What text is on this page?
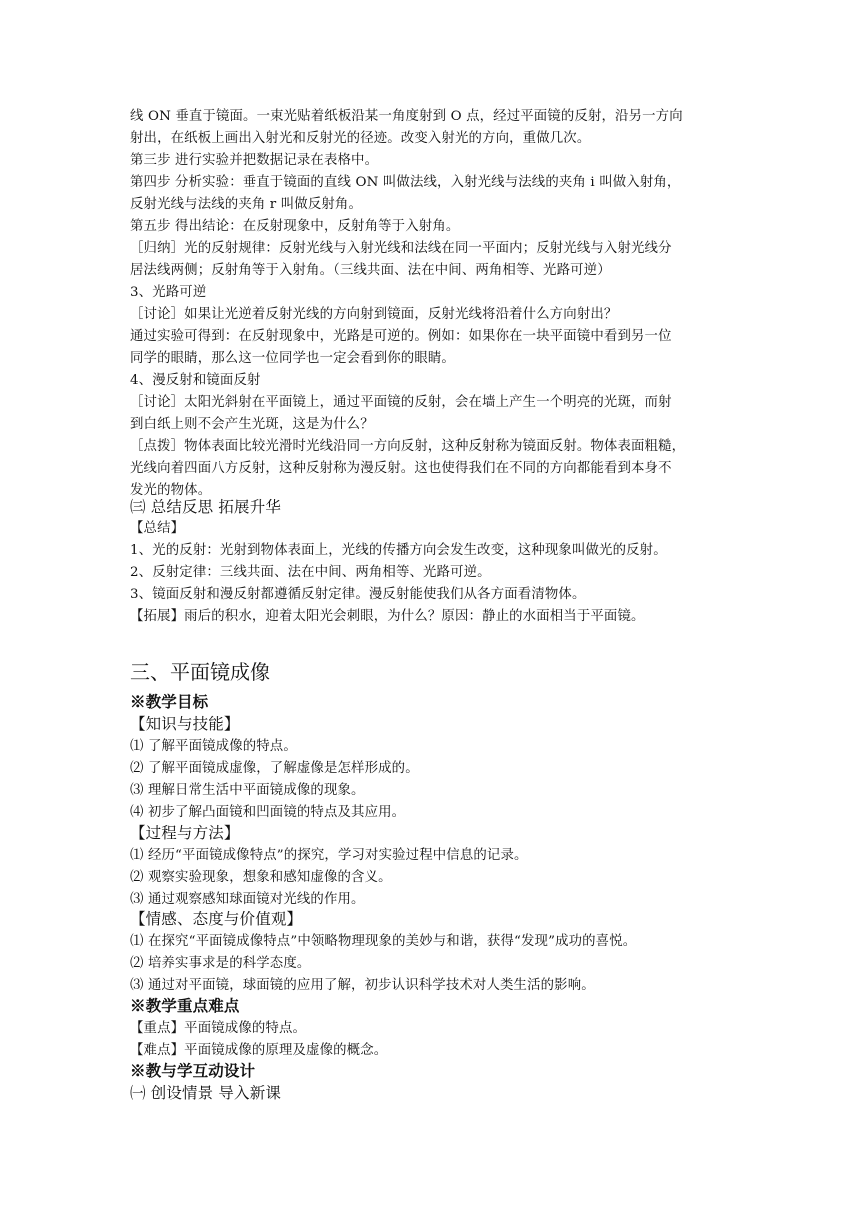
线 ON 垂直于镜面。一束光贴着纸板沿某一角度射到 O 点，经过平面镜的反射，沿另一方向
射出，在纸板上画出入射光和反射光的径迹。改变入射光的方向，重做几次。
第三步 进行实验并把数据记录在表格中。
第四步 分析实验：垂直于镜面的直线 ON 叫做法线，入射光线与法线的夹角 i 叫做入射角，
反射光线与法线的夹角 r 叫做反射角。
第五步 得出结论：在反射现象中，反射角等于入射角。
［归纳］光的反射规律：反射光线与入射光线和法线在同一平面内；反射光线与入射光线分
居法线两侧；反射角等于入射角。（三线共面、法在中间、两角相等、光路可逆）
3、光路可逆
［讨论］如果让光逆着反射光线的方向射到镜面，反射光线将沿着什么方向射出？
通过实验可得到：在反射现象中，光路是可逆的。例如：如果你在一块平面镜中看到另一位
同学的眼睛，那么这一位同学也一定会看到你的眼睛。
4、漫反射和镜面反射
［讨论］太阳光斜射在平面镜上，通过平面镜的反射，会在墙上产生一个明亮的光斑，而射
到白纸上则不会产生光斑，这是为什么？
［点拨］物体表面比较光滑时光线沿同一方向反射，这种反射称为镜面反射。物体表面粗糙，
光线向着四面八方反射，这种反射称为漫反射。这也使得我们在不同的方向都能看到本身不
发光的物体。
㈢ 总结反思 拓展升华
【总结】
1、光的反射：光射到物体表面上，光线的传播方向会发生改变，这种现象叫做光的反射。
2、反射定律：三线共面、法在中间、两角相等、光路可逆。
3、镜面反射和漫反射都遵循反射定律。漫反射能使我们从各方面看清物体。
【拓展】雨后的积水，迎着太阳光会刺眼，为什么？原因：静止的水面相当于平面镜。
三、平面镜成像
※教学目标
【知识与技能】
⑴ 了解平面镜成像的特点。
⑵ 了解平面镜成虚像，了解虚像是怎样形成的。
⑶ 理解日常生活中平面镜成像的现象。
⑷ 初步了解凸面镜和凹面镜的特点及其应用。
【过程与方法】
⑴ 经历“平面镜成像特点”的探究，学习对实验过程中信息的记录。
⑵ 观察实验现象，想象和感知虚像的含义。
⑶ 通过观察感知球面镜对光线的作用。
【情感、态度与价值观】
⑴ 在探究“平面镜成像特点”中领略物理现象的美妙与和谐，获得“发现”成功的喜悦。
⑵ 培养实事求是的科学态度。
⑶ 通过对平面镜，球面镜的应用了解，初步认识科学技术对人类生活的影响。
※教学重点难点
【重点】平面镜成像的特点。
【难点】平面镜成像的原理及虚像的概念。
※教与学互动设计
㈠ 创设情景 导入新课
